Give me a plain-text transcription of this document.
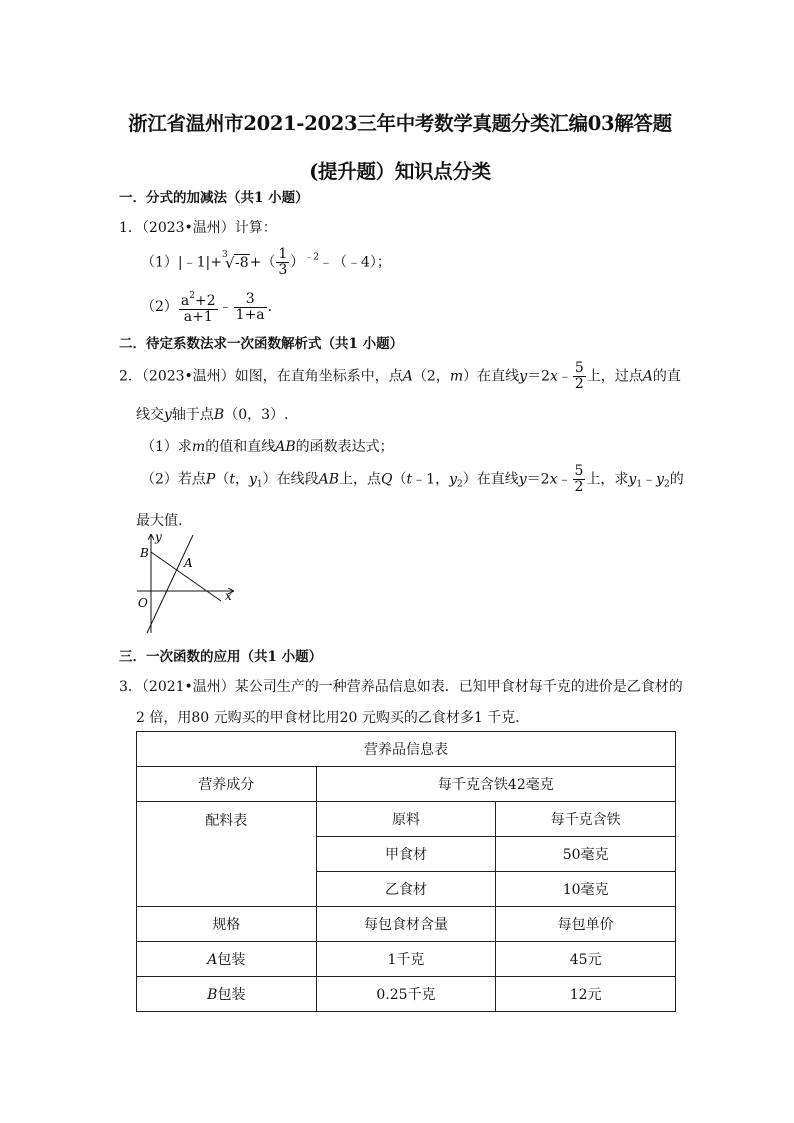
浙江省温州市2021-2023三年中考数学真题分类汇编03解答题(提升题）知识点分类
一．分式的加减法（共1 小题）
1．（2023•温州）计算：
（1）|﹣1|+ 3
√ $-8+( \frac{1}{3}$ ）$^{﹣2}﹣(﹣4)$；
$(2) \frac{a^2+2}{a+1}$ ﹣ $\frac{3}{1+a}$ .
二．待定系数法求一次函数解析式（共1 小题）
2．（2023•温州）如图，在直角坐标系中，点A（2，m）在直线y＝2x﹣ $\frac{5}{2}$ 上，过点A的直
线交y轴于点B（0，3）.
（1）求m的值和直线AB的函数表达式；
（2）若点P（t，$y_1$）在线段AB上，点Q（t﹣1，$y_2$）在直线y＝2x﹣ $\frac{5}{2}$ 上，求$y_1﹣y_2$的
最大值.
y
x
B
A
O
三．一次函数的应用（共1 小题）
3．（2021•温州）某公司生产的一种营养品信息如表．已知甲食材每千克的进价是乙食材的
2 倍，用80 元购买的甲食材比用20 元购买的乙食材多1 千克．
营养品信息表		
营养成分	每千克含铁42毫克	
配料表	原料	每千克含铁
	甲食材	50毫克
	乙食材	10毫克
规格	每包食材含量	每包单价
A包装	1千克	45元
B包装	0.25千克	12元
